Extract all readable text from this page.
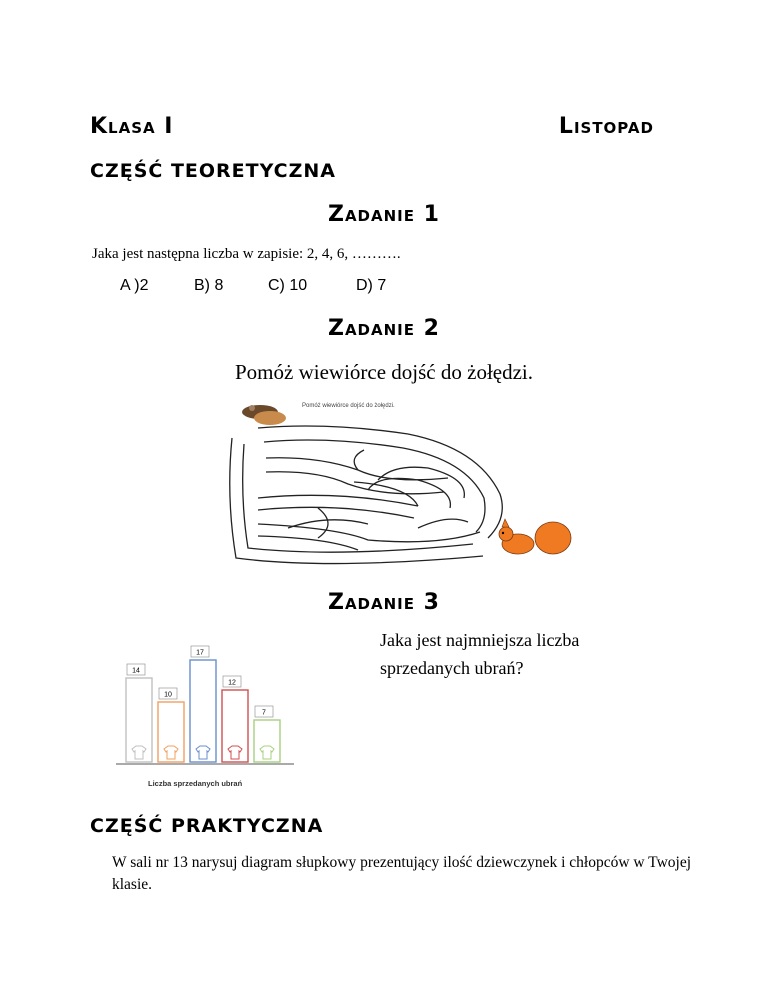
Klasa I	Listopad
CZĘŚĆ TEORETYCZNA
Zadanie 1

Jaka jest następna liczba w zapisie: 2, 4, 6, ……….

A )2	B) 8	C) 10	D) 7
Zadanie 2

Pomóż wiewiórce dojść do żołędzi.

Pomóż wiewiórce dojść do żołędzi.
Zadanie 3

Jaka jest najmniejsza liczba sprzedanych ubrań?

14
10
17
12
7
Liczba sprzedanych ubrań
CZĘŚĆ PRAKTYCZNA

W sali nr 13 narysuj diagram słupkowy prezentujący ilość dziewczynek i chłopców w Twojej klasie.
